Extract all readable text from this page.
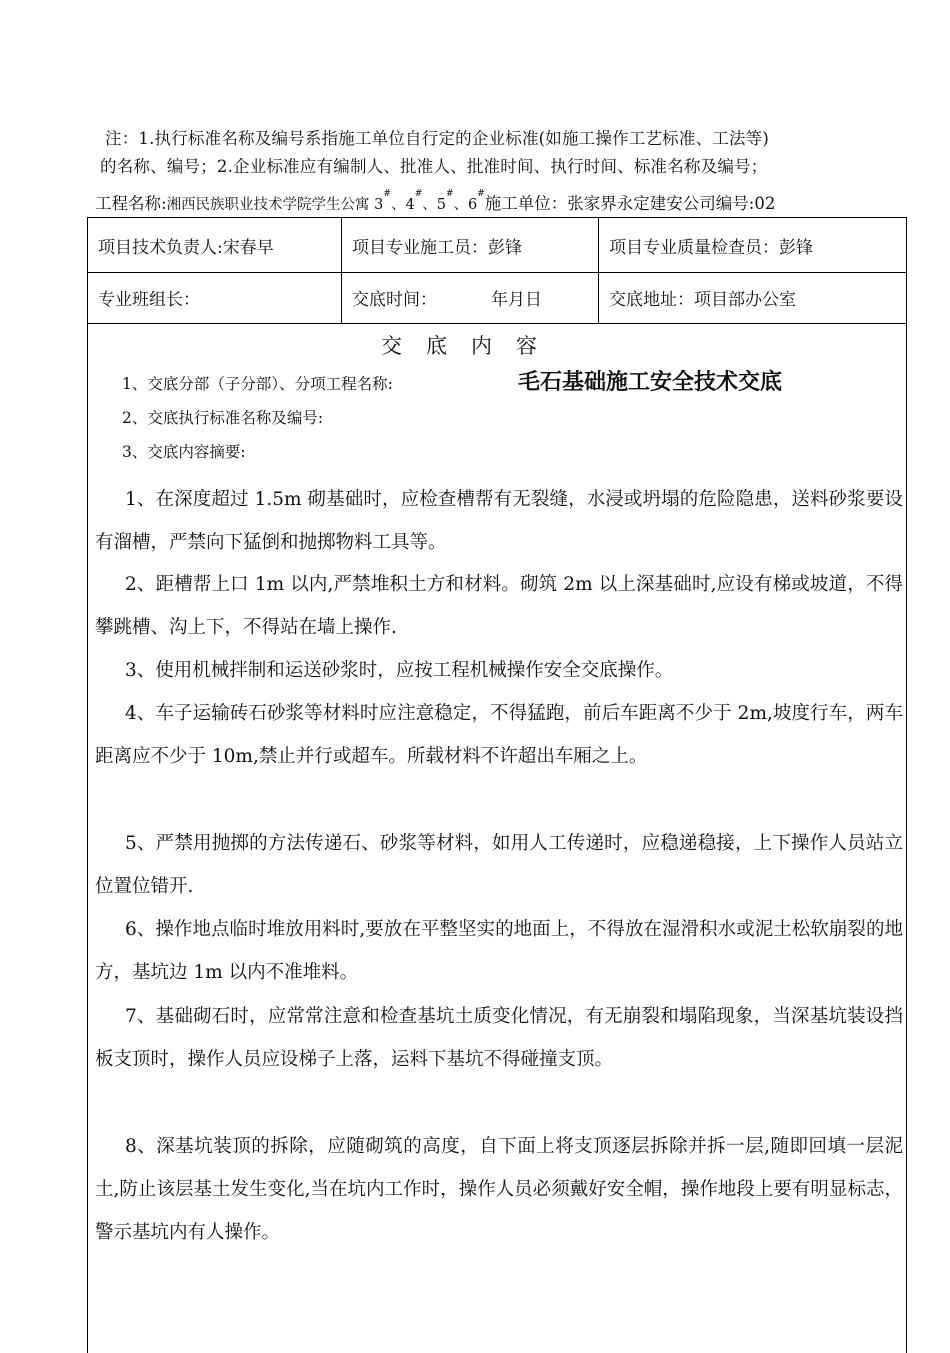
注：1.执行标准名称及编号系指施工单位自行定的企业标准(如施工操作工艺标准、工法等)
的名称、编号；2.企业标准应有编制人、批准人、批准时间、执行时间、标准名称及编号；
工程名称:湘西民族职业技术学院学生公寓 3#、4#、5#、6#施工单位：张家界永定建安公司编号:02
项目技术负责人:宋春早	项目专业施工员：彭锋	项目专业质量检查员：彭锋
专业班组长：	交底时间：          年月日	交底地址：项目部办公室
交底内容
1、交底分部（子分部）、分项工程名称:	毛石基础施工安全技术交底
2、交底执行标准名称及编号:
3、交底内容摘要:
1、在深度超过 1.5m 砌基础时，应检查槽帮有无裂缝，水浸或坍塌的危险隐患，送料砂浆要设有溜槽，严禁向下猛倒和抛掷物料工具等。
2、距槽帮上口 1m 以内,严禁堆积土方和材料。砌筑 2m 以上深基础时,应设有梯或坡道，不得攀跳槽、沟上下，不得站在墙上操作.
3、使用机械拌制和运送砂浆时，应按工程机械操作安全交底操作。
4、车子运输砖石砂浆等材料时应注意稳定，不得猛跑，前后车距离不少于 2m,坡度行车，两车距离应不少于 10m,禁止并行或超车。所载材料不许超出车厢之上。
5、严禁用抛掷的方法传递石、砂浆等材料，如用人工传递时，应稳递稳接，上下操作人员站立位置位错开.
6、操作地点临时堆放用料时,要放在平整坚实的地面上，不得放在湿滑积水或泥土松软崩裂的地方，基坑边 1m 以内不准堆料。
7、基础砌石时，应常常注意和检查基坑土质变化情况，有无崩裂和塌陷现象，当深基坑装设挡板支顶时，操作人员应设梯子上落，运料下基坑不得碰撞支顶。
8、深基坑装顶的拆除，应随砌筑的高度，自下面上将支顶逐层拆除并拆一层,随即回填一层泥土,防止该层基土发生变化,当在坑内工作时，操作人员必须戴好安全帽，操作地段上要有明显标志，警示基坑内有人操作。
